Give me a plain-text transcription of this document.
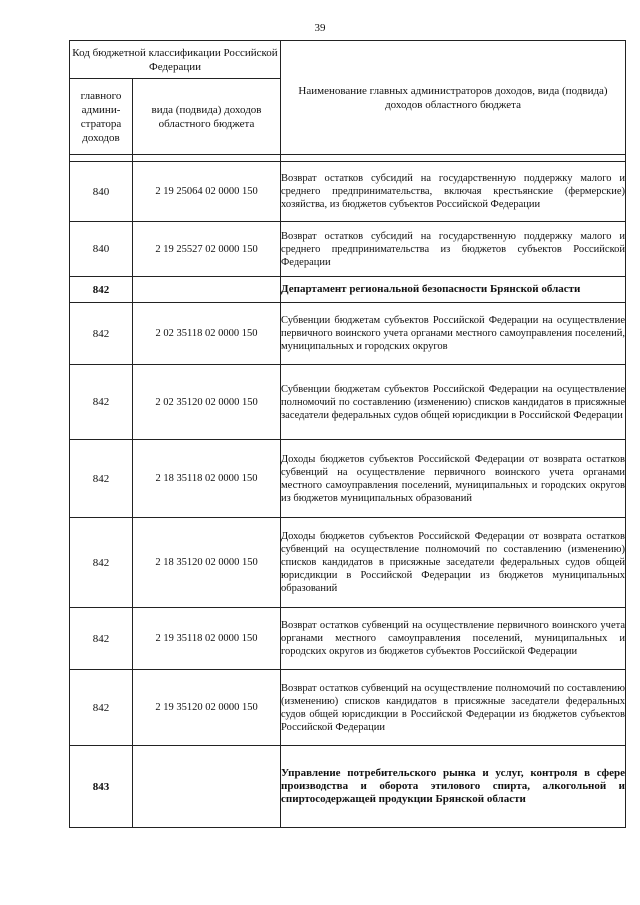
39
Код бюджетной классификации Российской Федерации		Наименование главных администраторов доходов, вида (подвида) доходов областного бюджета
главного админи-стратора доходов	вида (подвида) доходов областного бюджета	

840	2 19 25064 02 0000 150	Возврат остатков субсидий на государственную поддержку малого и среднего предпринимательства, включая крестьянские (фермерские) хозяйства, из бюджетов субъектов Российской Федерации
840	2 19 25527 02 0000 150	Возврат остатков субсидий на государственную поддержку малого и среднего предпринимательства из бюджетов субъектов Российской Федерации
842		Департамент региональной безопасности Брянской области
842	2 02 35118 02 0000 150	Субвенции бюджетам субъектов Российской Федерации на осуществление первичного воинского учета органами местного самоуправления поселений, муниципальных и городских округов
842	2 02 35120 02 0000 150	Субвенции бюджетам субъектов Российской Федерации на осуществление полномочий по составлению (изменению) списков кандидатов в присяжные заседатели федеральных судов общей юрисдикции в Российской Федерации
842	2 18 35118 02 0000 150	Доходы бюджетов субъектов Российской Федерации от возврата остатков субвенций на осуществление первичного воинского учета органами местного самоуправления поселений, муниципальных и городских округов из бюджетов муниципальных образований
842	2 18 35120 02 0000 150	Доходы бюджетов субъектов Российской Федерации от возврата остатков субвенций на осуществление полномочий по составлению (изменению) списков кандидатов в присяжные заседатели федеральных судов общей юрисдикции в Российской Федерации из бюджетов муниципальных образований
842	2 19 35118 02 0000 150	Возврат остатков субвенций на осуществление первичного воинского учета органами местного самоуправления поселений, муниципальных и городских округов из бюджетов субъектов Российской Федерации
842	2 19 35120 02 0000 150	Возврат остатков субвенций на осуществление полномочий по составлению (изменению) списков кандидатов в присяжные заседатели федеральных судов общей юрисдикции в Российской Федерации из бюджетов субъектов Российской Федерации
843		Управление потребительского рынка и услуг, контроля в сфере производства и оборота этилового спирта, алкогольной и спиртосодержащей продукции Брянской области
